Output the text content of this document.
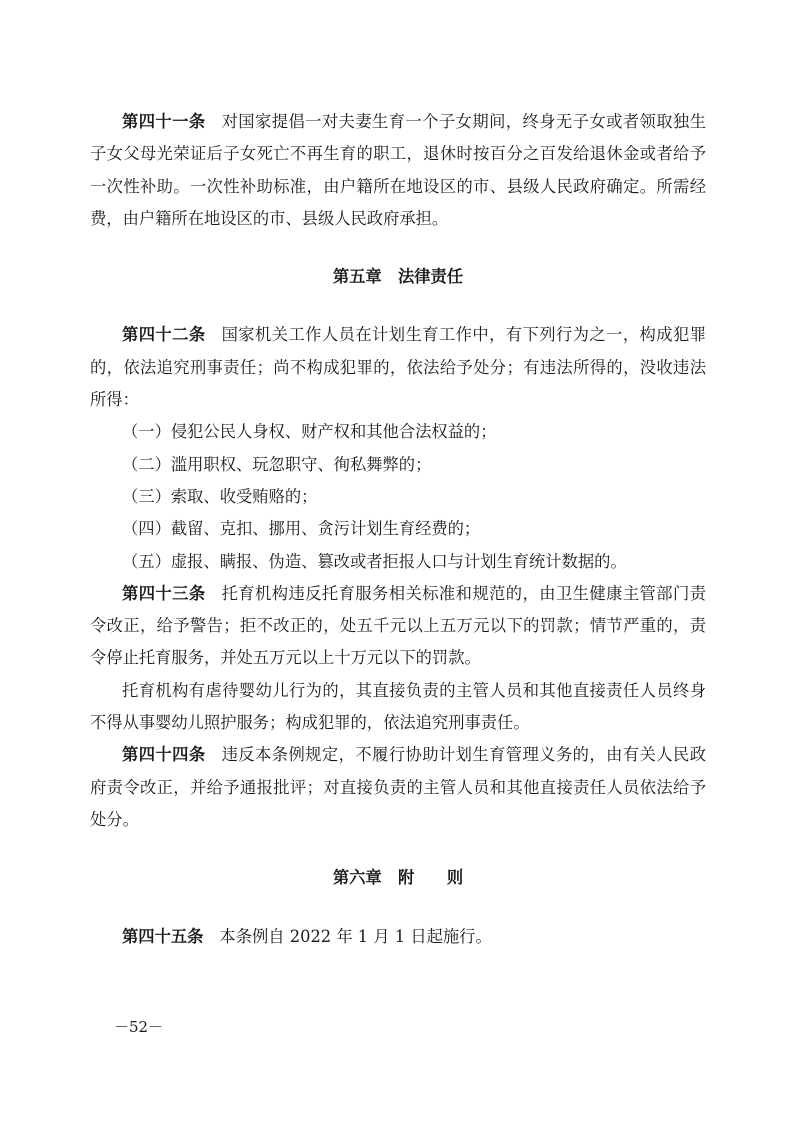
第四十一条 对国家提倡一对夫妻生育一个子女期间，终身无子女或者领取独生子女父母光荣证后子女死亡不再生育的职工，退休时按百分之百发给退休金或者给予一次性补助。一次性补助标准，由户籍所在地设区的市、县级人民政府确定。所需经费，由户籍所在地设区的市、县级人民政府承担。

第五章　法律责任

第四十二条 国家机关工作人员在计划生育工作中，有下列行为之一，构成犯罪的，依法追究刑事责任；尚不构成犯罪的，依法给予处分；有违法所得的，没收违法所得：

（一）侵犯公民人身权、财产权和其他合法权益的；

（二）滥用职权、玩忽职守、徇私舞弊的；

（三）索取、收受贿赂的；

（四）截留、克扣、挪用、贪污计划生育经费的；

（五）虚报、瞒报、伪造、篡改或者拒报人口与计划生育统计数据的。

第四十三条 托育机构违反托育服务相关标准和规范的，由卫生健康主管部门责令改正，给予警告；拒不改正的，处五千元以上五万元以下的罚款；情节严重的，责令停止托育服务，并处五万元以上十万元以下的罚款。

托育机构有虐待婴幼儿行为的，其直接负责的主管人员和其他直接责任人员终身不得从事婴幼儿照护服务；构成犯罪的，依法追究刑事责任。

第四十四条 违反本条例规定，不履行协助计划生育管理义务的，由有关人民政府责令改正，并给予通报批评；对直接负责的主管人员和其他直接责任人员依法给予处分。

第六章　附　　则

第四十五条 本条例自 2022 年 1 月 1 日起施行。

－52－
